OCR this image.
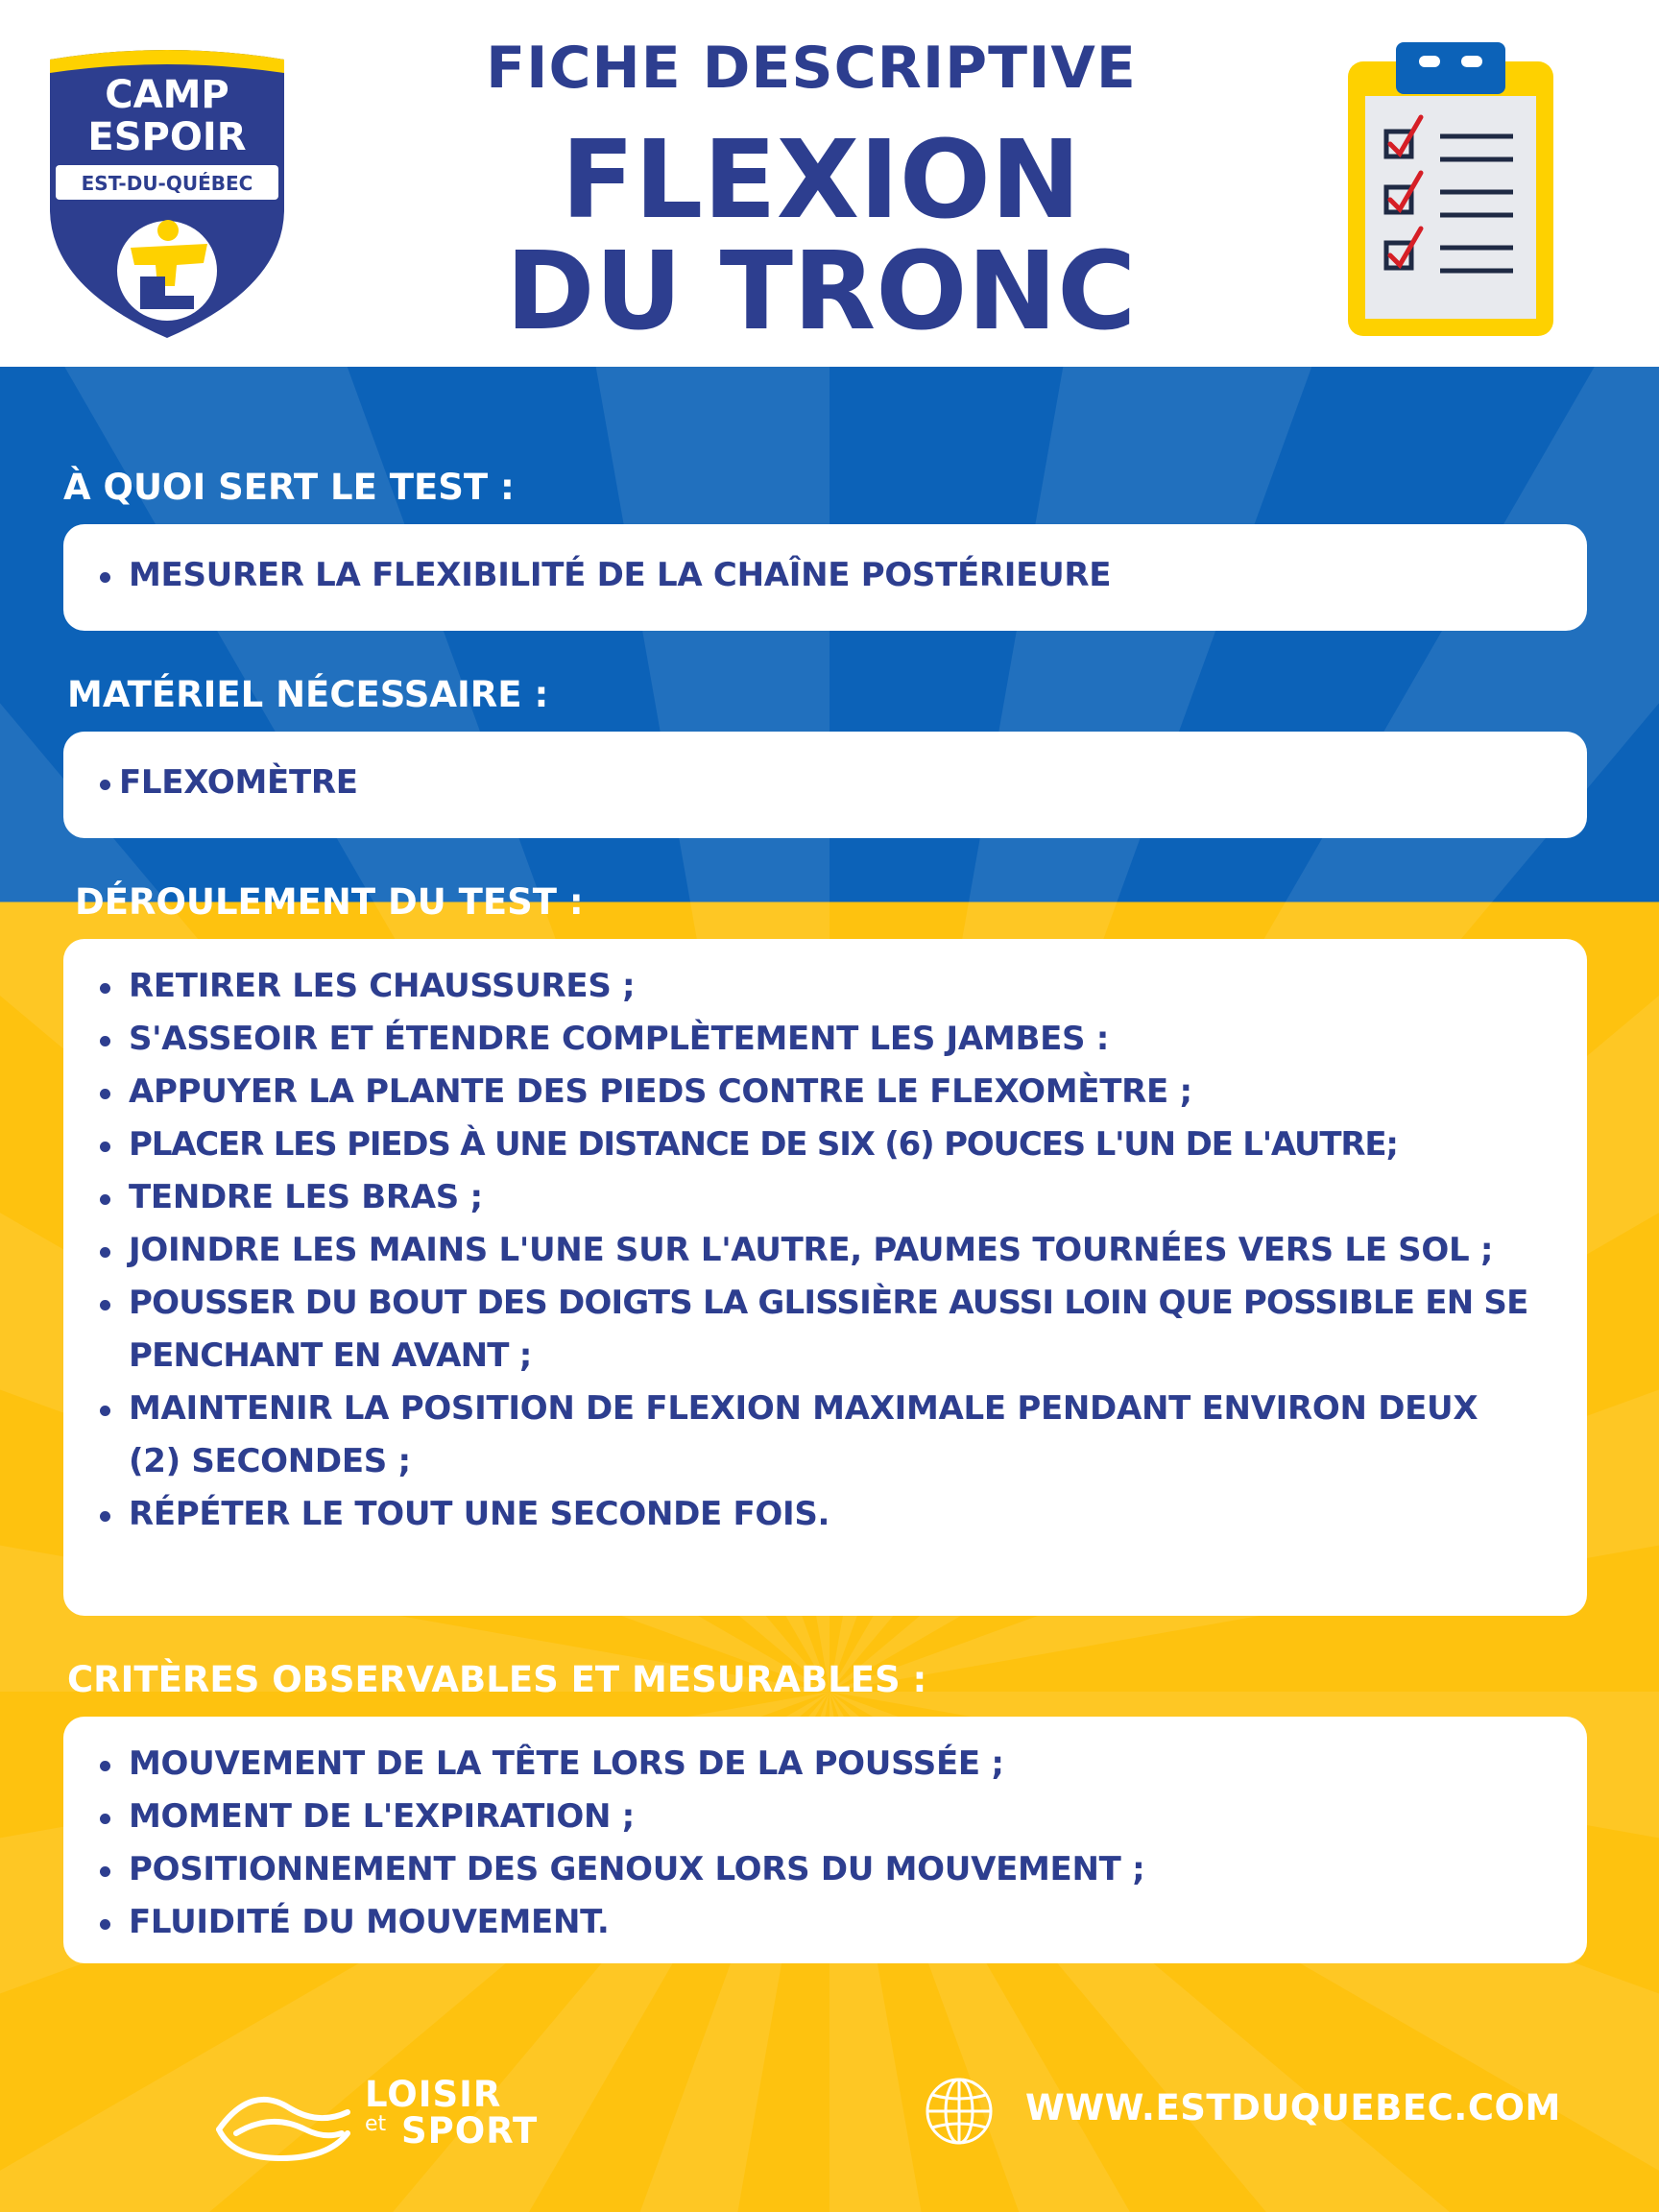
CAMP
ESPOIR
EST-DU-QUÉBEC
FICHE DESCRIPTIVE
FLEXION
DU TRONC
À QUOI SERT LE TEST :
MESURER LA FLEXIBILITÉ DE LA CHAÎNE POSTÉRIEURE
MATÉRIEL NÉCESSAIRE :
FLEXOMÈTRE
DÉROULEMENT DU TEST :
RETIRER LES CHAUSSURES ;
S'ASSEOIR ET ÉTENDRE COMPLÈTEMENT LES JAMBES :
APPUYER LA PLANTE DES PIEDS CONTRE LE FLEXOMÈTRE ;
PLACER LES PIEDS À UNE DISTANCE DE SIX (6) POUCES L'UN DE L'AUTRE;
TENDRE LES BRAS ;
JOINDRE LES MAINS L'UNE SUR L'AUTRE, PAUMES TOURNÉES VERS LE SOL ;
POUSSER DU BOUT DES DOIGTS LA GLISSIÈRE AUSSI LOIN QUE POSSIBLE EN SE PENCHANT EN AVANT ;
MAINTENIR LA POSITION DE FLEXION MAXIMALE PENDANT ENVIRON DEUX (2) SECONDES ;
RÉPÉTER LE TOUT UNE SECONDE FOIS.
CRITÈRES OBSERVABLES ET MESURABLES :
MOUVEMENT DE LA TÊTE LORS DE LA POUSSÉE ;
MOMENT DE L'EXPIRATION ;
POSITIONNEMENT DES GENOUX LORS DU MOUVEMENT ;
FLUIDITÉ DU MOUVEMENT.
LOISIR
et SPORT
WWW.ESTDUQUEBEC.COM
